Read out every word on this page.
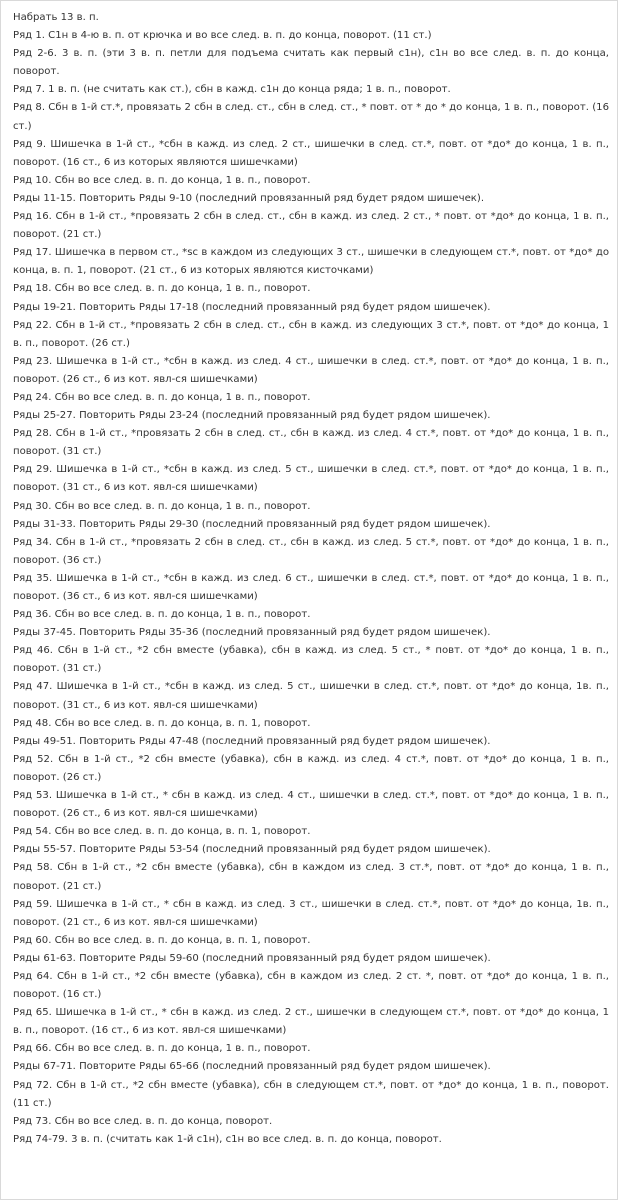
Набрать 13 в. п.

Ряд 1. С1н в 4-ю в. п. от крючка и во все след. в. п. до конца, поворот. (11 ст.)

Ряд 2-6. 3 в. п. (эти 3 в. п. петли для подъема считать как первый с1н), с1н во все след. в. п. до конца, поворот.

Ряд 7. 1 в. п. (не считать как ст.), сбн в кажд. с1н до конца ряда; 1 в. п., поворот.

Ряд 8. Сбн в 1-й ст.*, провязать 2 сбн в след. ст., сбн в след. ст., * повт. от * до * до конца, 1 в. п., поворот. (16 ст.)

Ряд 9. Шишечка в 1-й ст., *сбн в кажд. из след. 2 ст., шишечки в след. ст.*, повт. от *до* до конца, 1 в. п., поворот. (16 ст., 6 из которых являются шишечками)

Ряд 10. Сбн во все след. в. п. до конца, 1 в. п., поворот.

Ряды 11-15. Повторить Ряды 9-10 (последний провязанный ряд будет рядом шишечек).

Ряд 16. Сбн в 1-й ст., *провязать 2 сбн в след. ст., сбн в кажд. из след. 2 ст., * повт. от *до* до конца, 1 в. п., поворот. (21 ст.)

Ряд 17. Шишечка в первом ст., *sc в каждом из следующих 3 ст., шишечки в следующем ст.*, повт. от *до* до конца, в. п. 1, поворот. (21 ст., 6 из которых являются кисточками)

Ряд 18. Сбн во все след. в. п. до конца, 1 в. п., поворот.

Ряды 19-21. Повторить Ряды 17-18 (последний провязанный ряд будет рядом шишечек).

Ряд 22. Сбн в 1-й ст., *провязать 2 сбн в след. ст., сбн в кажд. из следующих 3 ст.*, повт. от *до* до конца, 1 в. п., поворот. (26 ст.)

Ряд 23. Шишечка в 1-й ст., *сбн в кажд. из след. 4 ст., шишечки в след. ст.*, повт. от *до* до конца, 1 в. п., поворот. (26 ст., 6 из кот. явл-ся шишечками)

Ряд 24. Сбн во все след. в. п. до конца, 1 в. п., поворот.

Ряды 25-27. Повторить Ряды 23-24 (последний провязанный ряд будет рядом шишечек).

Ряд 28. Сбн в 1-й ст., *провязать 2 сбн в след. ст., сбн в кажд. из след. 4 ст.*, повт. от *до* до конца, 1 в. п., поворот. (31 ст.)

Ряд 29. Шишечка в 1-й ст., *сбн в кажд. из след. 5 ст., шишечки в след. ст.*, повт. от *до* до конца, 1 в. п., поворот. (31 ст., 6 из кот. явл-ся шишечками)

Ряд 30. Сбн во все след. в. п. до конца, 1 в. п., поворот.

Ряды 31-33. Повторить Ряды 29-30 (последний провязанный ряд будет рядом шишечек).

Ряд 34. Сбн в 1-й ст., *провязать 2 сбн в след. ст., сбн в кажд. из след. 5 ст.*, повт. от *до* до конца, 1 в. п., поворот. (36 ст.)

Ряд 35. Шишечка в 1-й ст., *сбн в кажд. из след. 6 ст., шишечки в след. ст.*, повт. от *до* до конца, 1 в. п., поворот. (36 ст., 6 из кот. явл-ся шишечками)

Ряд 36. Сбн во все след. в. п. до конца, 1 в. п., поворот.

Ряды 37-45. Повторить Ряды 35-36 (последний провязанный ряд будет рядом шишечек).

Ряд 46. Сбн в 1-й ст., *2 сбн вместе (убавка), сбн в кажд. из след. 5 ст., * повт. от *до* до конца, 1 в. п., поворот. (31 ст.)

Ряд 47. Шишечка в 1-й ст., *сбн в кажд. из след. 5 ст., шишечки в след. ст.*, повт. от *до* до конца, 1в. п., поворот. (31 ст., 6 из кот. явл-ся шишечками)

Ряд 48. Сбн во все след. в. п. до конца, в. п. 1, поворот.

Ряды 49-51. Повторить Ряды 47-48 (последний провязанный ряд будет рядом шишечек).

Ряд 52. Сбн в 1-й ст., *2 сбн вместе (убавка), сбн в кажд. из след. 4 ст.*, повт. от *до* до конца, 1 в. п., поворот. (26 ст.)

Ряд 53. Шишечка в 1-й ст., * сбн в кажд. из след. 4 ст., шишечки в след. ст.*, повт. от *до* до конца, 1 в. п., поворот. (26 ст., 6 из кот. явл-ся шишечками)

Ряд 54. Сбн во все след. в. п. до конца, в. п. 1, поворот.

Ряды 55-57. Повторите Ряды 53-54 (последний провязанный ряд будет рядом шишечек).

Ряд 58. Сбн в 1-й ст., *2 сбн вместе (убавка), сбн в каждом из след. 3 ст.*, повт. от *до* до конца, 1 в. п., поворот. (21 ст.)

Ряд 59. Шишечка в 1-й ст., * сбн в кажд. из след. 3 ст., шишечки в след. ст.*, повт. от *до* до конца, 1в. п., поворот. (21 ст., 6 из кот. явл-ся шишечками)

Ряд 60. Сбн во все след. в. п. до конца, в. п. 1, поворот.

Ряды 61-63. Повторите Ряды 59-60 (последний провязанный ряд будет рядом шишечек).

Ряд 64. Сбн в 1-й ст., *2 сбн вместе (убавка), сбн в каждом из след. 2 ст. *, повт. от *до* до конца, 1 в. п., поворот. (16 ст.)

Ряд 65. Шишечка в 1-й ст., * сбн в кажд. из след. 2 ст., шишечки в следующем ст.*, повт. от *до* до конца, 1 в. п., поворот. (16 ст., 6 из кот. явл-ся шишечками)

Ряд 66. Сбн во все след. в. п. до конца, 1 в. п., поворот.

Ряды 67-71. Повторите Ряды 65-66 (последний провязанный ряд будет рядом шишечек).

Ряд 72. Сбн в 1-й ст., *2 сбн вместе (убавка), сбн в следующем ст.*, повт. от *до* до конца, 1 в. п., поворот. (11 ст.)

Ряд 73. Сбн во все след. в. п. до конца, поворот.

Ряд 74-79. 3 в. п. (считать как 1-й с1н), с1н во все след. в. п. до конца, поворот.
